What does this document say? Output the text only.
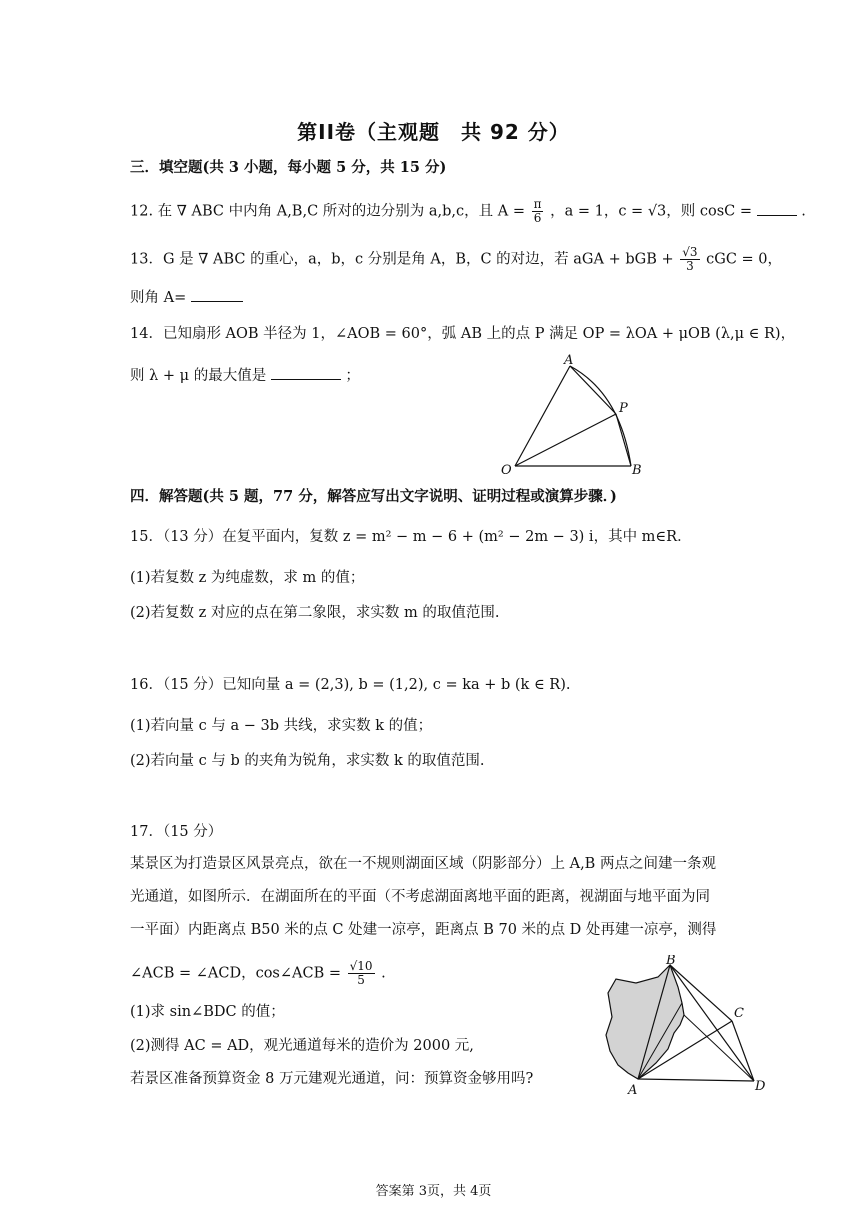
第II卷（主观题　共 92 分）
三．填空题(共 3 小题，每小题 5 分，共 15 分)
12. 在 ∇ ABC 中内角 A,B,C 所对的边分别为 a,b,c，且 $A = \frac{\pi}{6}$ ，a = 1，c = √3，则 cosC =	.
13．G 是 ∇ ABC 的重心，a，b，c 分别是角 A，B，C 的对边，若 aGA + bGB + $\frac{√3}{3}$ cGC = 0，
则角 A=
14．已知扇形 AOB 半径为 1，∠AOB = 60°，弧 AB 上的点 P 满足 OP = λOA + μOB (λ,μ ∈ R)，
则 λ + μ 的最大值是	；
A
P
O	B
四．解答题(共 5 题，77 分，解答应写出文字说明、证明过程或演算步骤．)
15．（13 分）在复平面内，复数 z = m² − m − 6 + (m² − 2m − 3) i，其中 m∈R．
(1)若复数 z 为纯虚数，求 m 的值；
(2)若复数 z 对应的点在第二象限，求实数 m 的取值范围.
16．（15 分）已知向量 a = (2,3), b = (1,2), c = ka + b (k ∈ R).
(1)若向量 c 与 a − 3b 共线，求实数 k 的值；
(2)若向量 c 与 b 的夹角为锐角，求实数 k 的取值范围.
17．（15 分）
某景区为打造景区风景亮点，欲在一不规则湖面区域（阴影部分）上 A,B 两点之间建一条观
光通道，如图所示．在湖面所在的平面（不考虑湖面离地平面的距离，视湖面与地平面为同
一平面）内距离点 B50 米的点 C 处建一凉亭，距离点 B 70 米的点 D 处再建一凉亭，测得
∠ACB = ∠ACD，cos∠ACB = $\frac{√10}{5}$ .
(1)求 sin∠BDC 的值；
(2)测得 AC = AD，观光通道每米的造价为 2000 元,
若景区准备预算资金 8 万元建观光通道，问：预算资金够用吗?
B
C
A	D
答案第 3页，共 4页
